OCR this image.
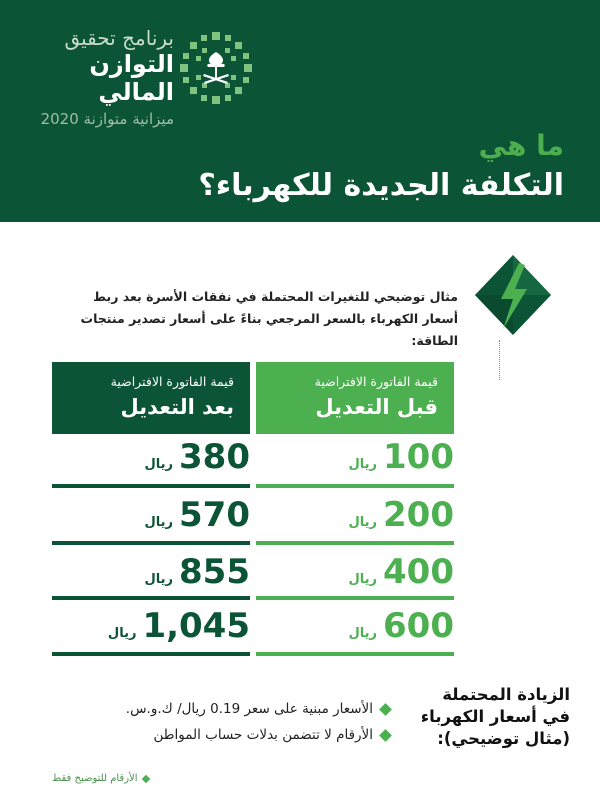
برنامج تحقيق
التوازن المالي
ميزانية متوازنة 2020
ما هي
التكلفة الجديدة للكهرباء؟
مثال توضيحي للتغيرات المحتملة في نفقات الأسرة بعد ربط أسعار الكهرباء بالسعر المرجعي بناءً على أسعار تصدير منتجات الطاقة:
قيمة الفاتورة الافتراضية
قبل التعديل
قيمة الفاتورة الافتراضية
بعد التعديل
100ريال
380ريال
200ريال
570ريال
400ريال
855ريال
600ريال
1,045ريال
الزيادة المحتملة في أسعار الكهرباء (مثال توضيحي):
الأسعار مبنية على سعر 0.19 ريال/ ك.و.س.
الأرقام لا تتضمن بدلات حساب المواطن
الأرقام للتوضيح فقط
